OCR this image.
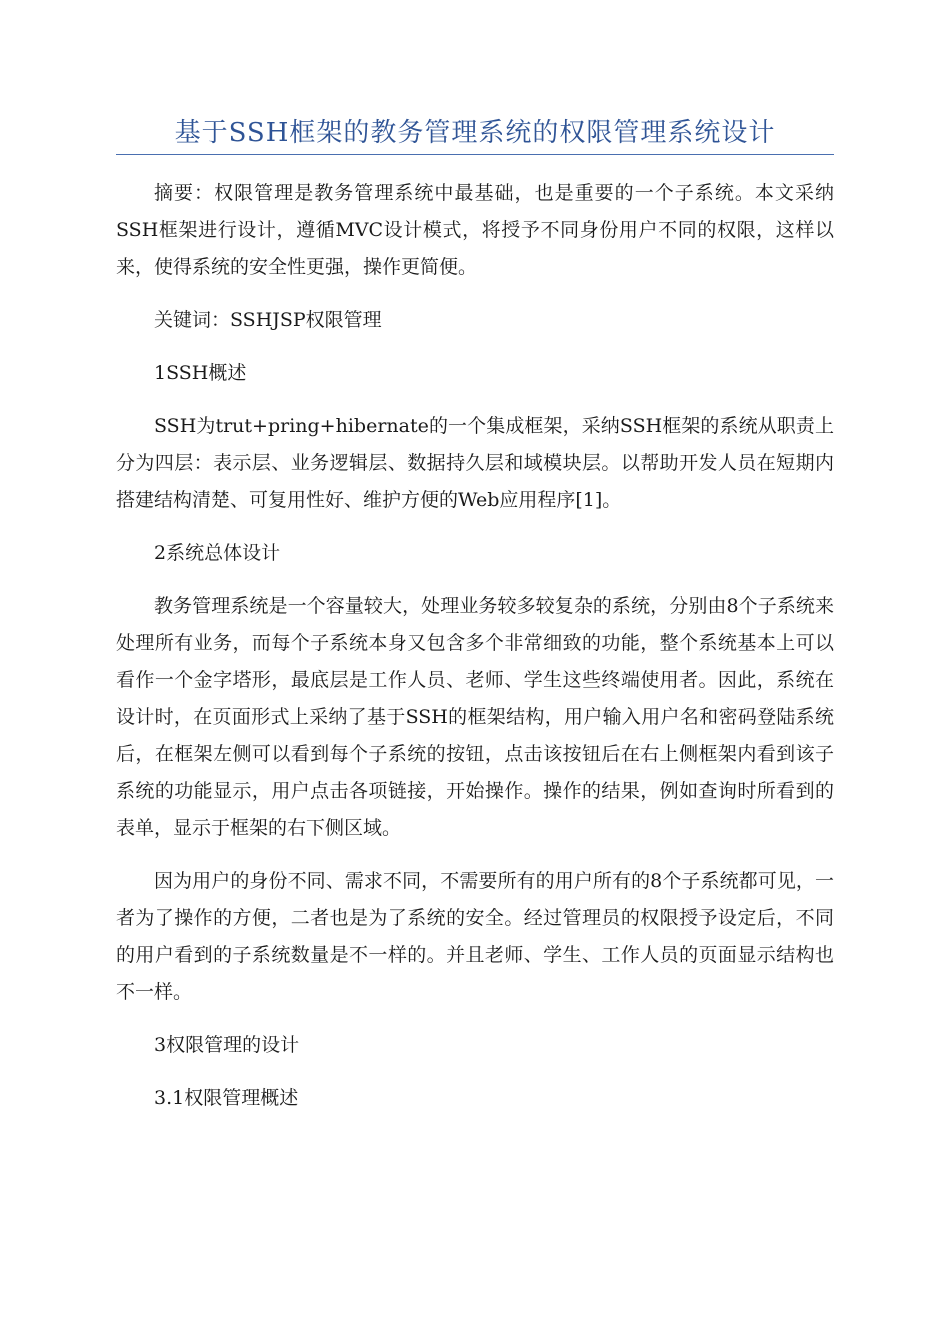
基于SSH框架的教务管理系统的权限管理系统设计

摘要：权限管理是教务管理系统中最基础，也是重要的一个子系统。本文采纳SSH框架进行设计，遵循MVC设计模式，将授予不同身份用户不同的权限，这样以来，使得系统的安全性更强，操作更简便。

关键词：SSHJSP权限管理

1SSH概述

SSH为trut+pring+hibernate的一个集成框架，采纳SSH框架的系统从职责上分为四层：表示层、业务逻辑层、数据持久层和域模块层。以帮助开发人员在短期内搭建结构清楚、可复用性好、维护方便的Web应用程序[1]。

2系统总体设计

教务管理系统是一个容量较大，处理业务较多较复杂的系统，分别由8个子系统来处理所有业务，而每个子系统本身又包含多个非常细致的功能，整个系统基本上可以看作一个金字塔形，最底层是工作人员、老师、学生这些终端使用者。因此，系统在设计时，在页面形式上采纳了基于SSH的框架结构，用户输入用户名和密码登陆系统后，在框架左侧可以看到每个子系统的按钮，点击该按钮后在右上侧框架内看到该子系统的功能显示，用户点击各项链接，开始操作。操作的结果，例如查询时所看到的表单，显示于框架的右下侧区域。

因为用户的身份不同、需求不同，不需要所有的用户所有的8个子系统都可见，一者为了操作的方便，二者也是为了系统的安全。经过管理员的权限授予设定后，不同的用户看到的子系统数量是不一样的。并且老师、学生、工作人员的页面显示结构也不一样。

3权限管理的设计

3.1权限管理概述
